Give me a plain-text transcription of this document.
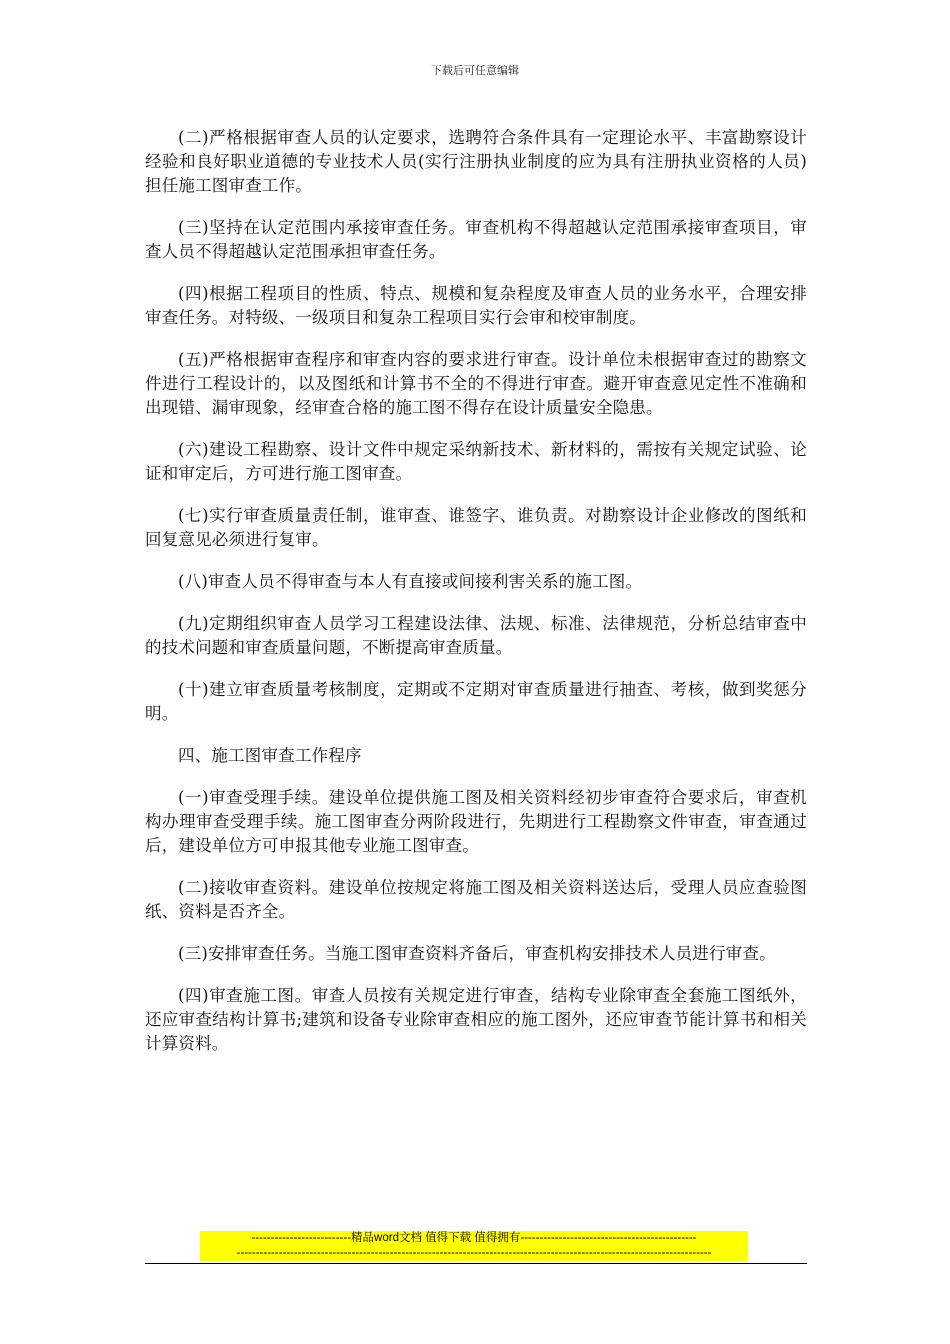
下载后可任意编辑

(二)严格根据审查人员的认定要求，选聘符合条件具有一定理论水平、丰富勘察设计经验和良好职业道德的专业技术人员(实行注册执业制度的应为具有注册执业资格的人员)担任施工图审查工作。

(三)坚持在认定范围内承接审查任务。审查机构不得超越认定范围承接审查项目，审查人员不得超越认定范围承担审查任务。

(四)根据工程项目的性质、特点、规模和复杂程度及审查人员的业务水平，合理安排审查任务。对特级、一级项目和复杂工程项目实行会审和校审制度。

(五)严格根据审查程序和审查内容的要求进行审查。设计单位未根据审查过的勘察文件进行工程设计的，以及图纸和计算书不全的不得进行审查。避开审查意见定性不准确和出现错、漏审现象，经审查合格的施工图不得存在设计质量安全隐患。

(六)建设工程勘察、设计文件中规定采纳新技术、新材料的，需按有关规定试验、论证和审定后，方可进行施工图审查。

(七)实行审查质量责任制，谁审查、谁签字、谁负责。对勘察设计企业修改的图纸和回复意见必须进行复审。

(八)审查人员不得审查与本人有直接或间接利害关系的施工图。

(九)定期组织审查人员学习工程建设法律、法规、标准、法律规范，分析总结审查中的技术问题和审查质量问题，不断提高审查质量。

(十)建立审查质量考核制度，定期或不定期对审查质量进行抽查、考核，做到奖惩分明。

四、施工图审查工作程序

(一)审查受理手续。建设单位提供施工图及相关资料经初步审查符合要求后，审查机构办理审查受理手续。施工图审查分两阶段进行，先期进行工程勘察文件审查，审查通过后，建设单位方可申报其他专业施工图审查。

(二)接收审查资料。建设单位按规定将施工图及相关资料送达后，受理人员应查验图纸、资料是否齐全。

(三)安排审查任务。当施工图审查资料齐备后，审查机构安排技术人员进行审查。

(四)审查施工图。审查人员按有关规定进行审查，结构专业除审查全套施工图纸外，还应审查结构计算书;建筑和设备专业除审查相应的施工图外，还应审查节能计算书和相关计算资料。

--------------------------精品word文档 值得下载 值得拥有----------------------------------------------
----------------------------------------------------------------------------------------------------------------------------
